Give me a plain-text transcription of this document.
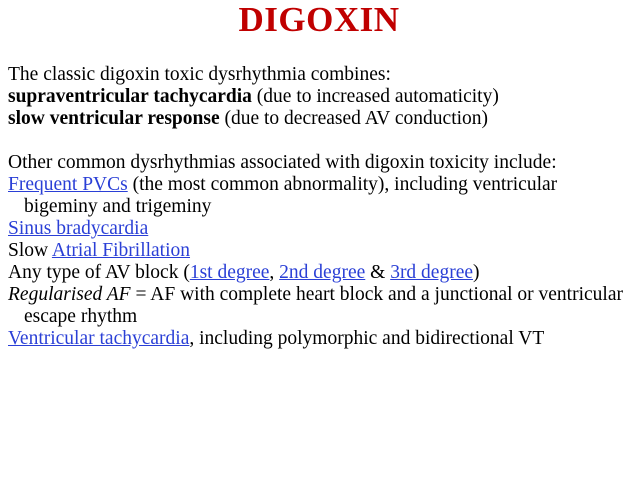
DIGOXIN
The classic digoxin toxic dysrhythmia combines:
supraventricular tachycardia (due to increased automaticity)
slow ventricular response (due to decreased AV conduction)
Other common dysrhythmias associated with digoxin toxicity include:
Frequent PVCs (the most common abnormality), including ventricular bigeminy and trigeminy
Sinus bradycardia
Slow Atrial Fibrillation
Any type of AV block (1st degree, 2nd degree & 3rd degree)
Regularised AF = AF with complete heart block and a junctional or ventricular escape rhythm
Ventricular tachycardia, including polymorphic and bidirectional VT
